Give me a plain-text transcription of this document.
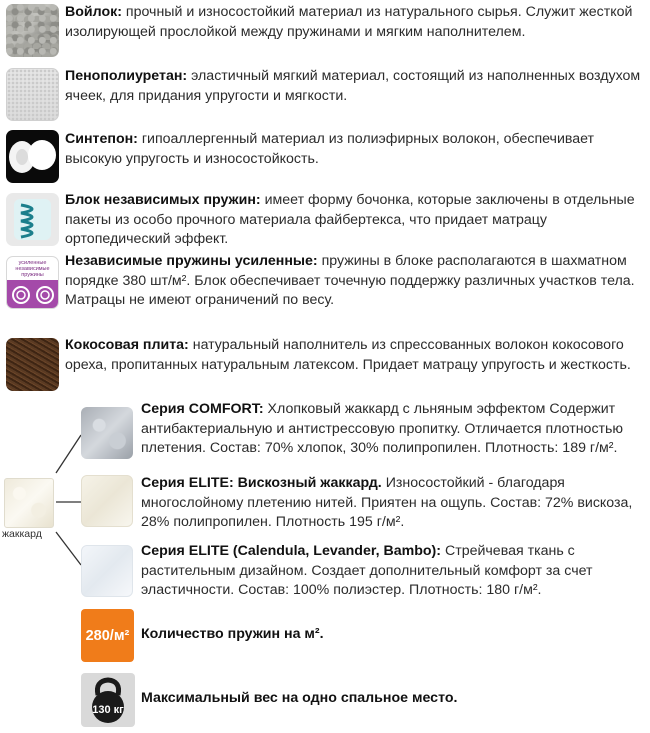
усиленные независимые пружины
Войлок: прочный и износостойкий материал из натурального сырья. Служит жесткой изолирующей прослойкой между пружинами и мягким наполнителем.
Пенополиуретан: эластичный мягкий материал, состоящий из наполненных воздухом ячеек, для придания упругости и мягкости.
Синтепон: гипоаллергенный материал из полиэфирных волокон, обеспечивает высокую упругость и износостойкость.
Блок независимых пружин: имеет форму бочонка, которые заключены в отдельные пакеты из особо прочного материала файбертекса, что придает матрацу ортопедический эффект.
Независимые пружины усиленные: пружины в блоке располагаются в шахматном порядке 380 шт/м². Блок обеспечивает точечную поддержку различных участков тела. Матрацы не имеют ограничений по весу.
Кокосовая плита: натуральный наполнитель из спрессованных волокон кокосового ореха, пропитанных натуральным латексом. Придает матрацу упругость и жесткость.
жаккард
Серия COMFORT: Хлопковый жаккард с льняным эффектом Содержит антибактериальную и антистрессовую пропитку. Отличается плотностью плетения. Состав: 70% хлопок, 30% полипропилен. Плотность: 189 г/м².
Серия ELITE: Вискозный жаккард. Износостойкий - благодаря многослойному плетению нитей. Приятен на ощупь. Состав: 72% вискоза, 28% полипропилен. Плотность 195 г/м².
Серия ELITE (Calendula, Levander, Bambo): Стрейчевая ткань с растительным дизайном. Создает дополнительный комфорт за счет эластичности. Состав: 100% полиэстер. Плотность: 180 г/м².
280/м² Количество пружин на м².
130 кг
Максимальный вес на одно спальное место.
